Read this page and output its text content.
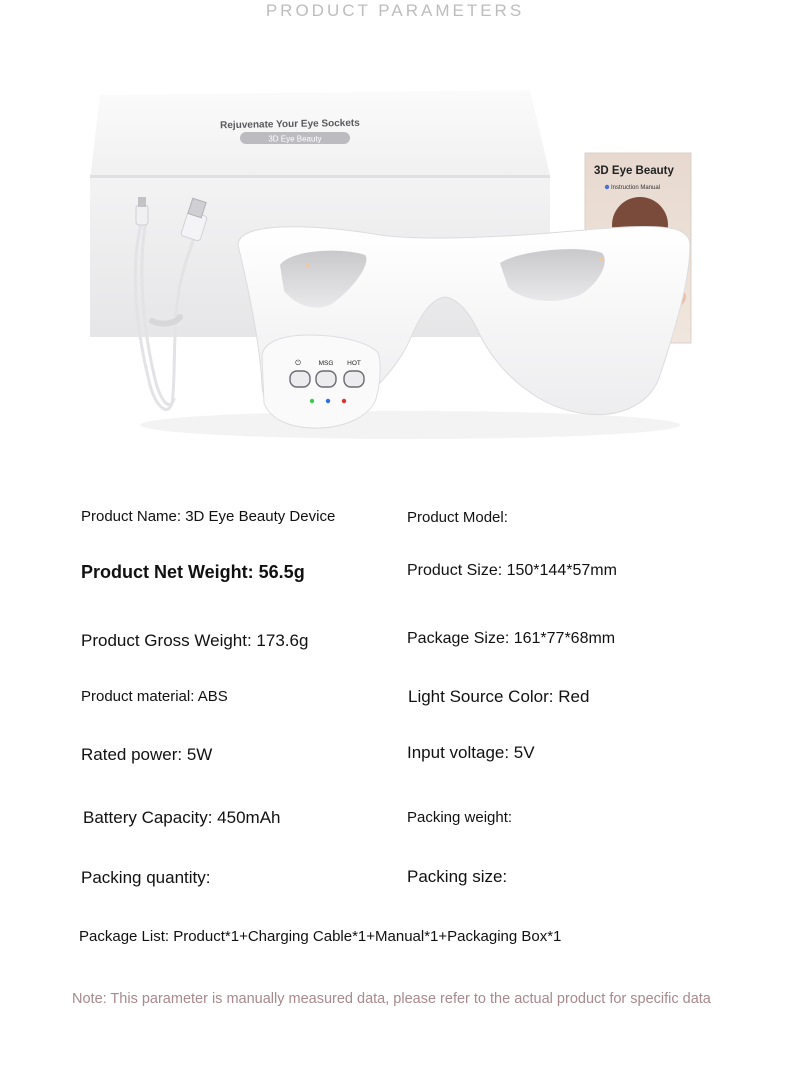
PRODUCT PARAMETERS
Rejuvenate Your Eye Sockets
3D Eye Beauty
3D Eye Beauty
Instruction Manual
⏻	MSG HOT
Product Name: 3D Eye Beauty Device	Product Model:
Product Net Weight: 56.5g	Product Size: 150*144*57mm
Product Gross Weight: 173.6g	Package Size: 161*77*68mm
Product material: ABS	Light Source Color: Red
Rated power: 5W	Input voltage: 5V
Battery Capacity: 450mAh	Packing weight:
Packing quantity:	Packing size:
Package List: Product*1+Charging Cable*1+Manual*1+Packaging Box*1
Note: This parameter is manually measured data, please refer to the actual product for specific data
